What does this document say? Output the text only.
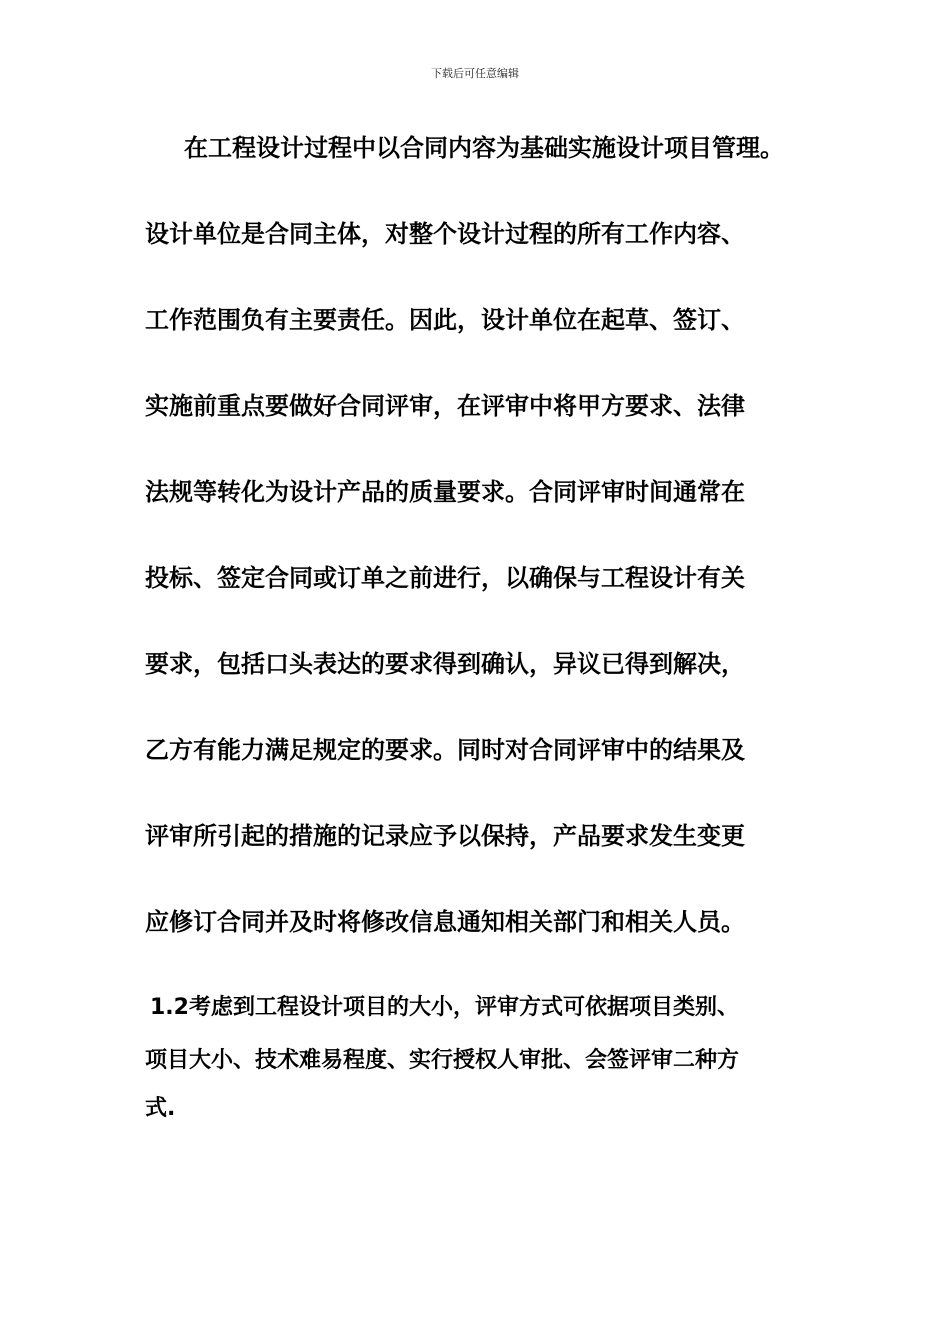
下载后可任意编辑
在工程设计过程中以合同内容为基础实施设计项目管理。
设计单位是合同主体，对整个设计过程的所有工作内容、
工作范围负有主要责任。因此，设计单位在起草、签订、
实施前重点要做好合同评审，在评审中将甲方要求、法律
法规等转化为设计产品的质量要求。合同评审时间通常在
投标、签定合同或订单之前进行，以确保与工程设计有关
要求，包括口头表达的要求得到确认，异议已得到解决，
乙方有能力满足规定的要求。同时对合同评审中的结果及
评审所引起的措施的记录应予以保持，产品要求发生变更
应修订合同并及时将修改信息通知相关部门和相关人员。
1.2考虑到工程设计项目的大小，评审方式可依据项目类别、
项目大小、技术难易程度、实行授权人审批、会签评审二种方
式.
